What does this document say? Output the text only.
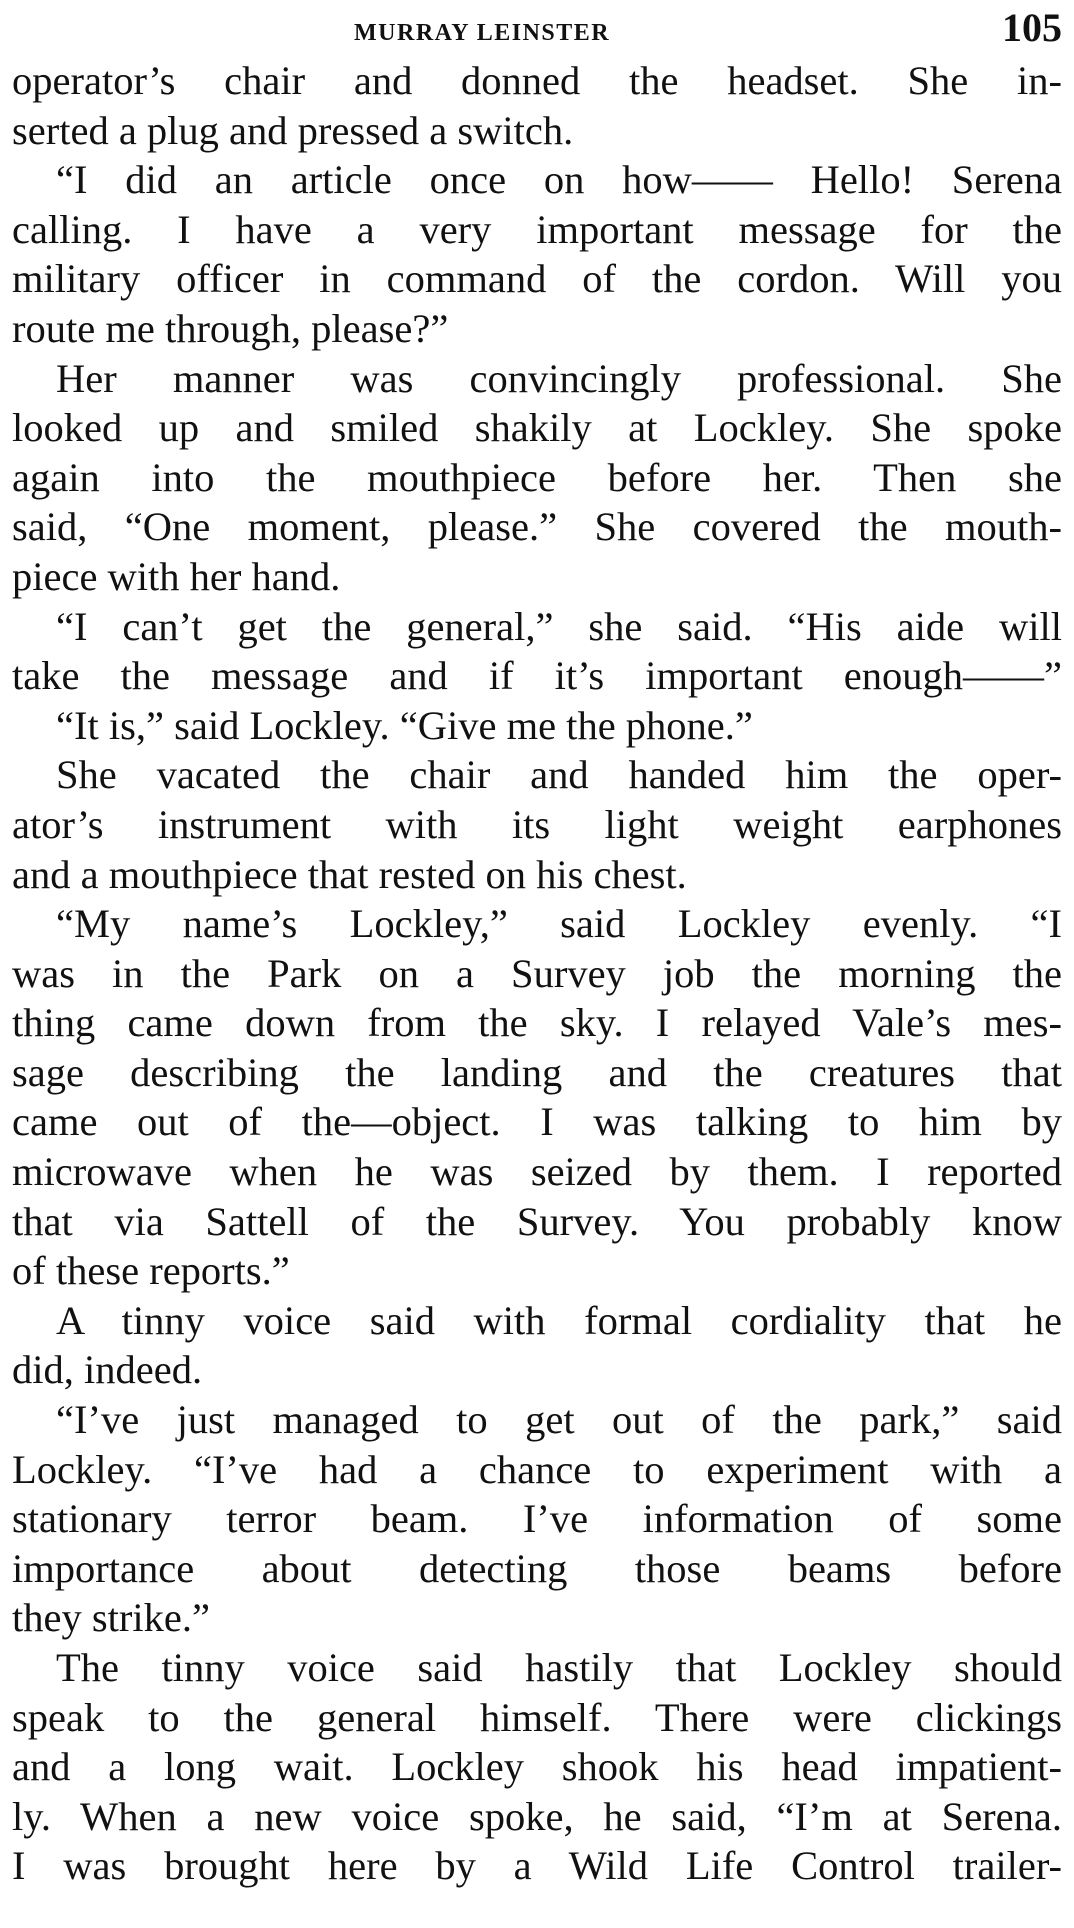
MURRAY LEINSTER	105
operator’s chair and donned the headset. She in-
serted a plug and pressed a switch.
“I did an article once on how—— Hello! Serena
calling. I have a very important message for the
military officer in command of the cordon. Will you
route me through, please?”
Her manner was convincingly professional. She
looked up and smiled shakily at Lockley. She spoke
again into the mouthpiece before her. Then she
said, “One moment, please.” She covered the mouth-
piece with her hand.
“I can’t get the general,” she said. “His aide will
take the message and if it’s important enough——”
“It is,” said Lockley. “Give me the phone.”
She vacated the chair and handed him the oper-
ator’s instrument with its light weight earphones
and a mouthpiece that rested on his chest.
“My name’s Lockley,” said Lockley evenly. “I
was in the Park on a Survey job the morning the
thing came down from the sky. I relayed Vale’s mes-
sage describing the landing and the creatures that
came out of the—object. I was talking to him by
microwave when he was seized by them. I reported
that via Sattell of the Survey. You probably know
of these reports.”
A tinny voice said with formal cordiality that he
did, indeed.
“I’ve just managed to get out of the park,” said
Lockley. “I’ve had a chance to experiment with a
stationary terror beam. I’ve information of some
importance about detecting those beams before
they strike.”
The tinny voice said hastily that Lockley should
speak to the general himself. There were clickings
and a long wait. Lockley shook his head impatient-
ly. When a new voice spoke, he said, “I’m at Serena.
I was brought here by a Wild Life Control trailer-
